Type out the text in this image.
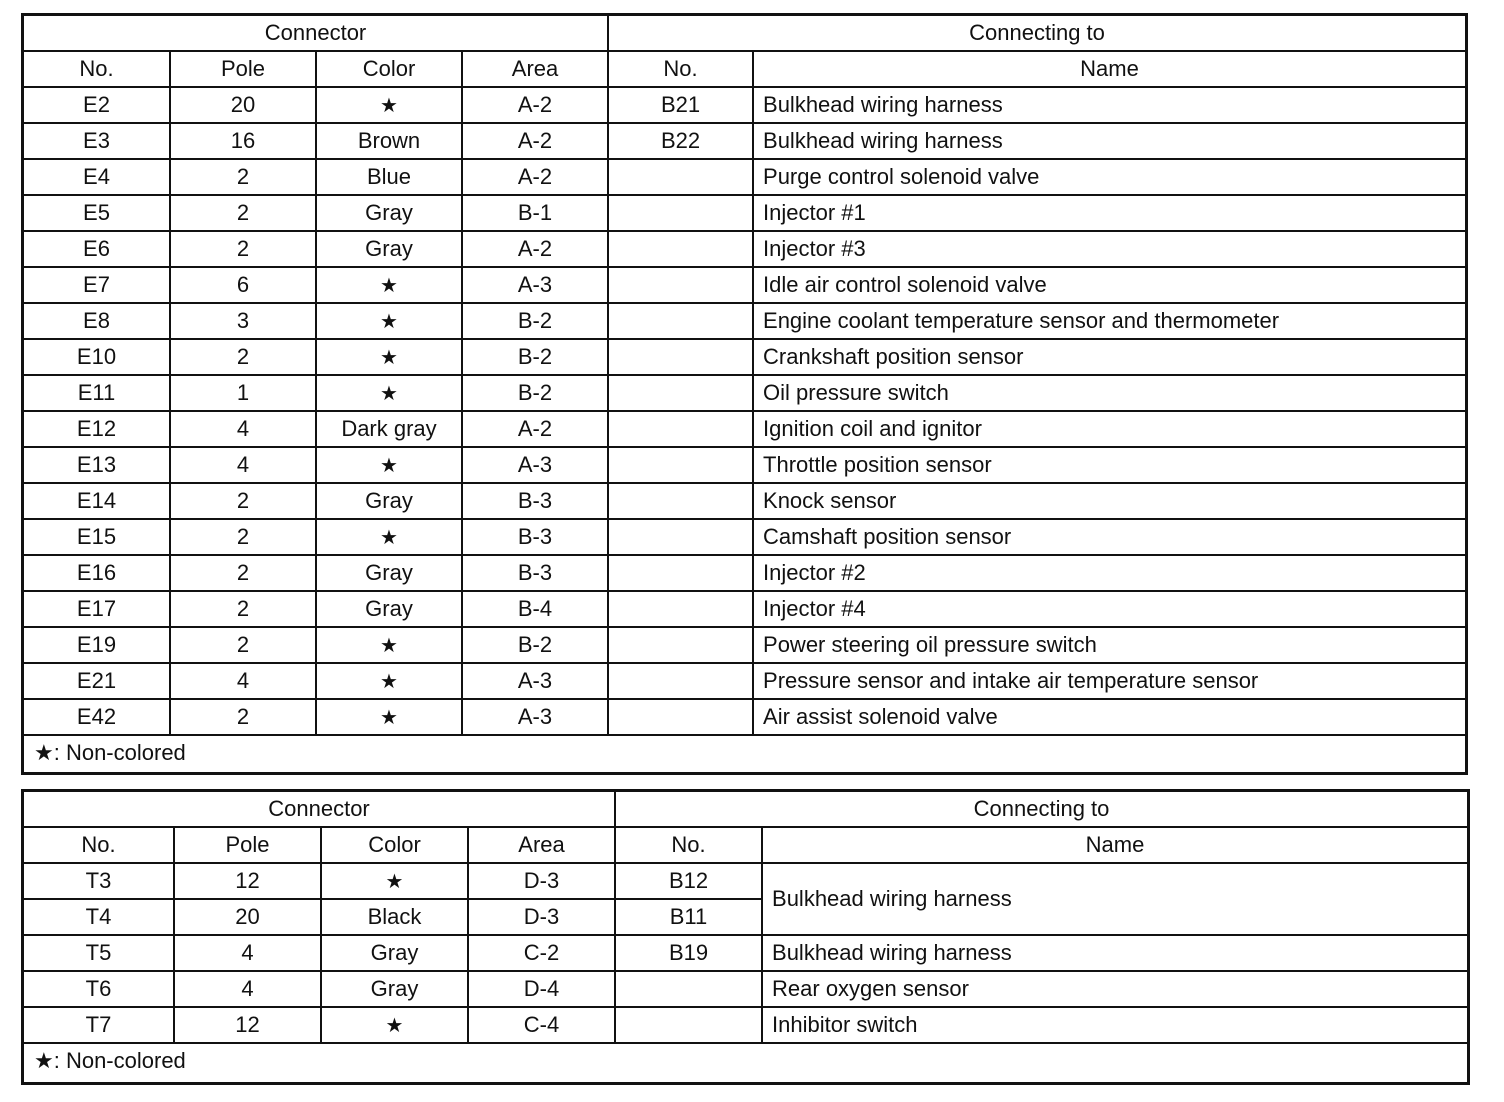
Connector				Connecting to	
No.	Pole	Color	Area	No.	Name
E2	20	★	A-2	B21	Bulkhead wiring harness
E3	16	Brown	A-2	B22	Bulkhead wiring harness
E4	2	Blue	A-2		Purge control solenoid valve
E5	2	Gray	B-1		Injector #1
E6	2	Gray	A-2		Injector #3
E7	6	★	A-3		Idle air control solenoid valve
E8	3	★	B-2		Engine coolant temperature sensor and thermometer
E10	2	★	B-2		Crankshaft position sensor
E11	1	★	B-2		Oil pressure switch
E12	4	Dark gray	A-2		Ignition coil and ignitor
E13	4	★	A-3		Throttle position sensor
E14	2	Gray	B-3		Knock sensor
E15	2	★	B-3		Camshaft position sensor
E16	2	Gray	B-3		Injector #2
E17	2	Gray	B-4		Injector #4
E19	2	★	B-2		Power steering oil pressure switch
E21	4	★	A-3		Pressure sensor and intake air temperature sensor
E42	2	★	A-3		Air assist solenoid valve
★: Non-colored
Connector				Connecting to	
No.	Pole	Color	Area	No.	Name
T3	12	★	D-3	B12	Bulkhead wiring harness
T4	20	Black	D-3	B11	
T5	4	Gray	C-2	B19	Bulkhead wiring harness
T6	4	Gray	D-4		Rear oxygen sensor
T7	12	★	C-4		Inhibitor switch
★: Non-colored
